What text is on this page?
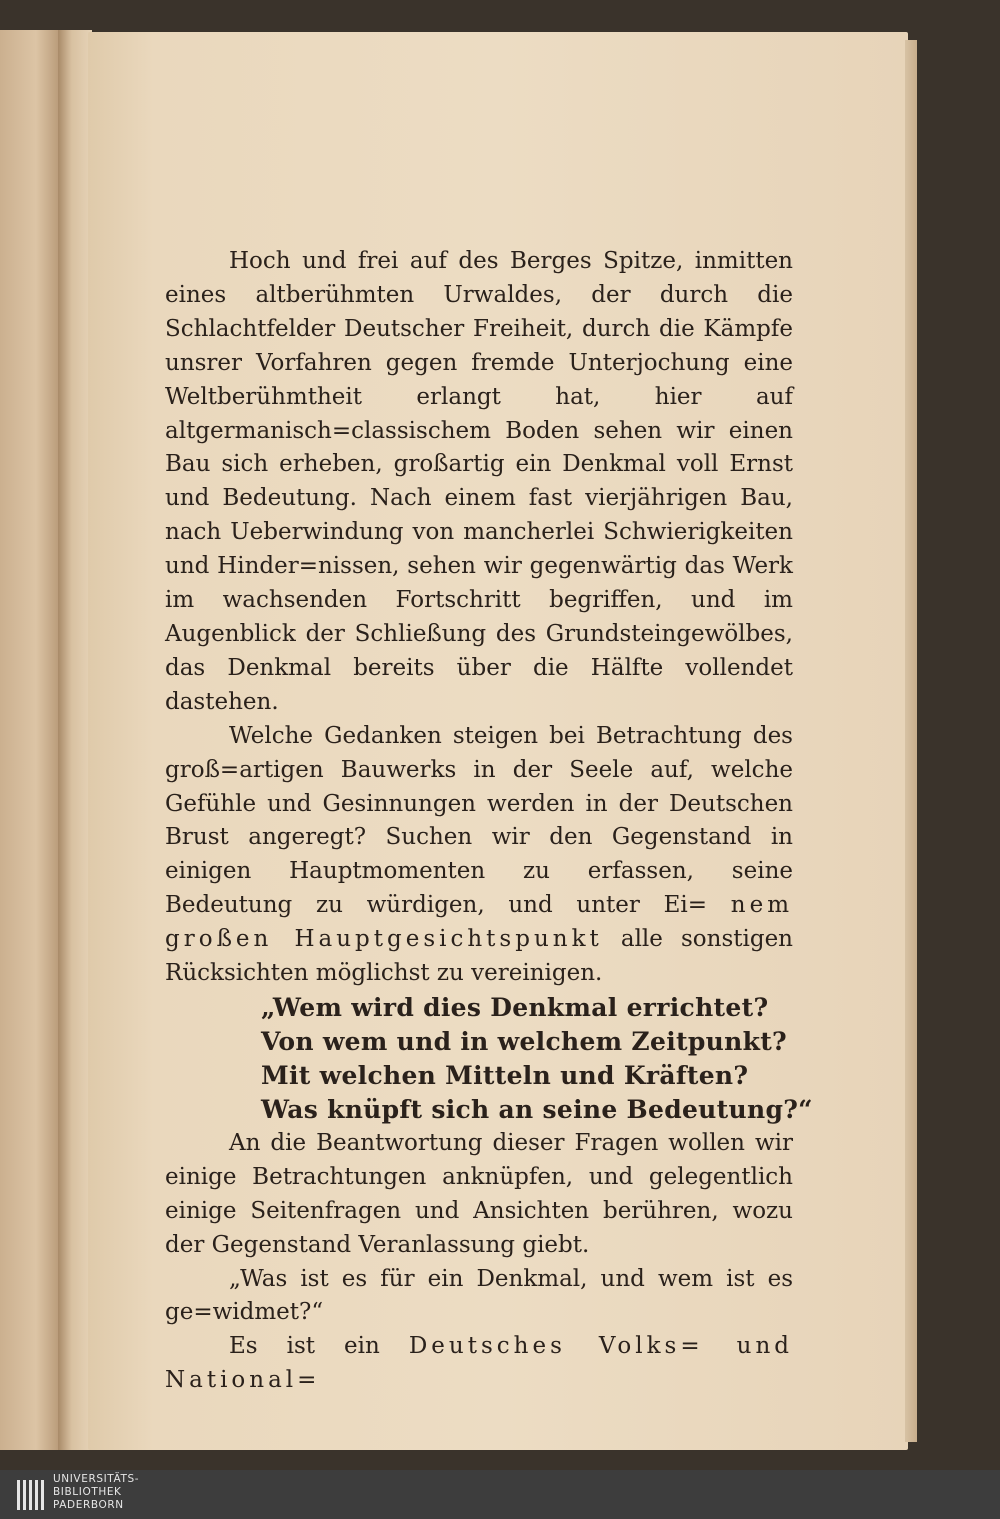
Hoch und frei auf des Berges Spitze, inmitten eines altberühmten Urwaldes, der durch die Schlachtfelder Deutscher Freiheit, durch die Kämpfe unsrer Vorfahren gegen fremde Unterjochung eine Weltberühmtheit erlangt hat, hier auf altgermanisch=classischem Boden sehen wir einen Bau sich erheben, großartig ein Denkmal voll Ernst und Bedeutung. Nach einem fast vierjährigen Bau, nach Ueberwindung von mancherlei Schwierigkeiten und Hinder=nissen, sehen wir gegenwärtig das Werk im wachsenden Fortschritt begriffen, und im Augenblick der Schließung des Grundsteingewölbes, das Denkmal bereits über die Hälfte vollendet dastehen.

Welche Gedanken steigen bei Betrachtung des groß=artigen Bauwerks in der Seele auf, welche Gefühle und Gesinnungen werden in der Deutschen Brust angeregt? Suchen wir den Gegenstand in einigen Hauptmomenten zu erfassen, seine Bedeutung zu würdigen, und unter Ei= nem großen Hauptgesichtspunkt alle sonstigen Rücksichten möglichst zu vereinigen.

„Wem wird dies Denkmal errichtet?
Von wem und in welchem Zeitpunkt?
Mit welchen Mitteln und Kräften?
Was knüpft sich an seine Bedeutung?“

An die Beantwortung dieser Fragen wollen wir einige Betrachtungen anknüpfen, und gelegentlich einige Seitenfragen und Ansichten berühren, wozu der Gegenstand Veranlassung giebt.

„Was ist es für ein Denkmal, und wem ist es ge=widmet?“

Es ist ein Deutsches Volks= und National=

UNIVERSITÄTS-
BIBLIOTHEK
PADERBORN
